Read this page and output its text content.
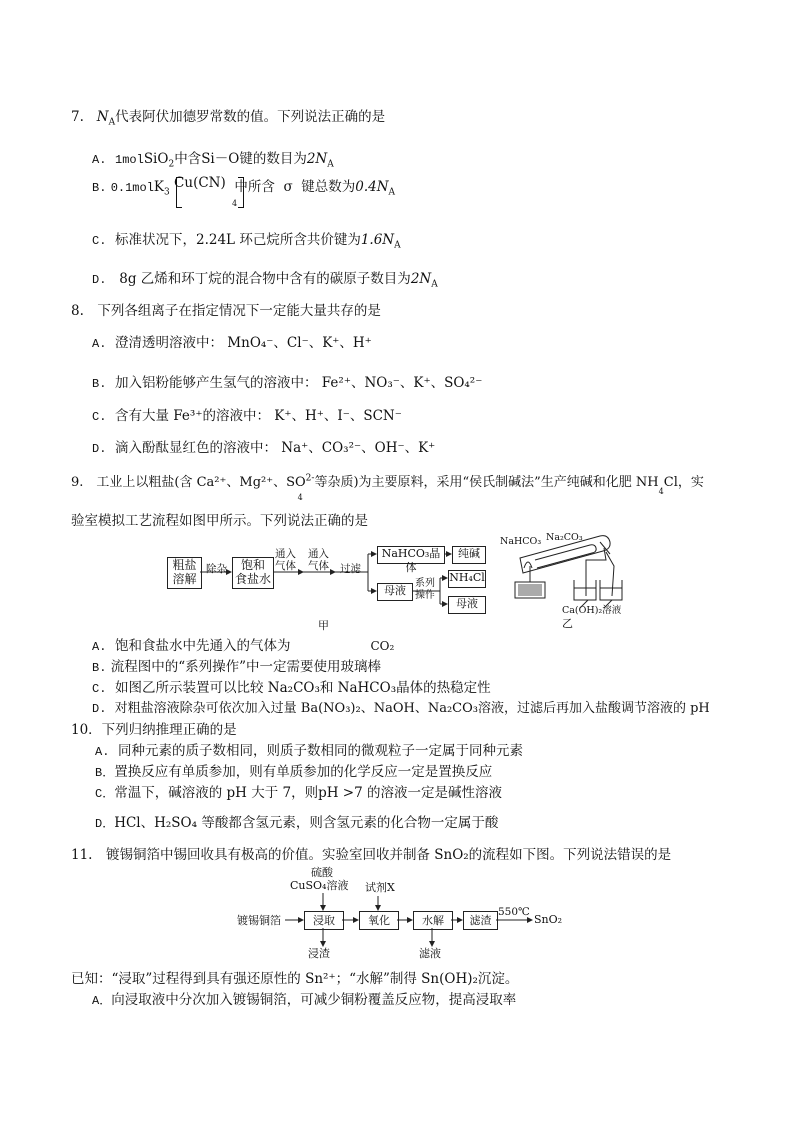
7. $N_A$代表阿伏加德罗常数的值。下列说法正确的是
A. 1molSiO$_2$中含Si－O键的数目为$2N_A$
B. 0.1molK$_3$ Cu(CN) 中所含 σ 键总数为$0.4N_A$
4
C. 标准状况下，2.24L 环己烷所含共价键为$1.6N_A$
D. 8g 乙烯和环丁烷的混合物中含有的碳原子数目为$2N_A$
8.　下列各组离子在指定情况下一定能大量共存的是
A. 澄清透明溶液中： MnO₄⁻、Cl⁻、K⁺、H⁺
B. 加入铝粉能够产生氢气的溶液中： Fe²⁺、NO₃⁻、K⁺、SO₄²⁻
C. 含有大量 Fe³⁺的溶液中： K⁺、H⁺、I⁻、SCN⁻
D. 滴入酚酞显红色的溶液中： Na⁺、CO₃²⁻、OH⁻、K⁺
9.　工业上以粗盐(含 Ca²⁺、Mg²⁺、$SO^{2-}$
4
等杂质)为主要原料，采用“侯氏制碱法”生产纯碱和化肥 $NH_4Cl$，实
验室模拟工艺流程如图甲所示。下列说法正确的是
粗盐
溶解
除杂	饱和
食盐水
通入
气体
通入
气体 过滤
NaHCO₃晶体
纯碱
母液
系列
操作
NH₄Cl
母液
甲
NaHCO₃ Na₂CO₃
Ca(OH)₂溶液
乙
A. 饱和食盐水中先通入的气体为	CO₂
B. 流程图中的“系列操作”中一定需要使用玻璃棒
C. 如图乙所示装置可以比较 Na₂CO₃和 NaHCO₃晶体的热稳定性
D. 对粗盐溶液除杂可依次加入过量 Ba(NO₃)₂、NaOH、Na₂CO₃溶液，过滤后再加入盐酸调节溶液的 pH
10．下列归纳推理正确的是
A. 同种元素的质子数相同，则质子数相同的微观粒子一定属于同种元素
B．置换反应有单质参加，则有单质参加的化学反应一定是置换反应
C．常温下，碱溶液的 pH 大于 7，则pH >7 的溶液一定是碱性溶液
D．HCl、H₂SO₄ 等酸都含氢元素，则含氢元素的化合物一定属于酸
11.　镀锡铜箔中锡回收具有极高的价值。实验室回收并制备 SnO₂的流程如下图。下列说法错误的是
硫酸
CuSO₄溶液 试剂X
镀锡铜箔	浸取	氧化	水解	滤渣
550℃
SnO₂
浸渣	滤液
已知：“浸取”过程得到具有强还原性的 Sn²⁺；“水解”制得 Sn(OH)₂沉淀。
A．向浸取液中分次加入镀锡铜箔，可减少铜粉覆盖反应物，提高浸取率
